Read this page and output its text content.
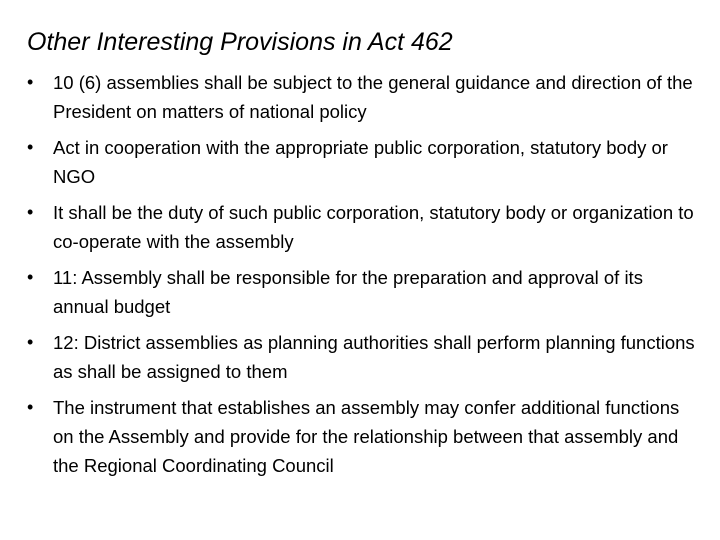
Other Interesting Provisions in Act 462
•	10 (6) assemblies shall be subject to the general guidance and direction of the President on matters of national policy
•	Act in cooperation with the appropriate public corporation, statutory body or NGO
•	It shall be the duty of such public corporation, statutory body or organization to co-operate with the assembly
•	11: Assembly shall be responsible for the preparation and approval of its annual budget
•	12: District assemblies as planning authorities shall perform planning functions as shall be assigned to them
•	The instrument that establishes an assembly may confer additional functions on the Assembly and provide for the relationship between that assembly and the Regional Coordinating Council
